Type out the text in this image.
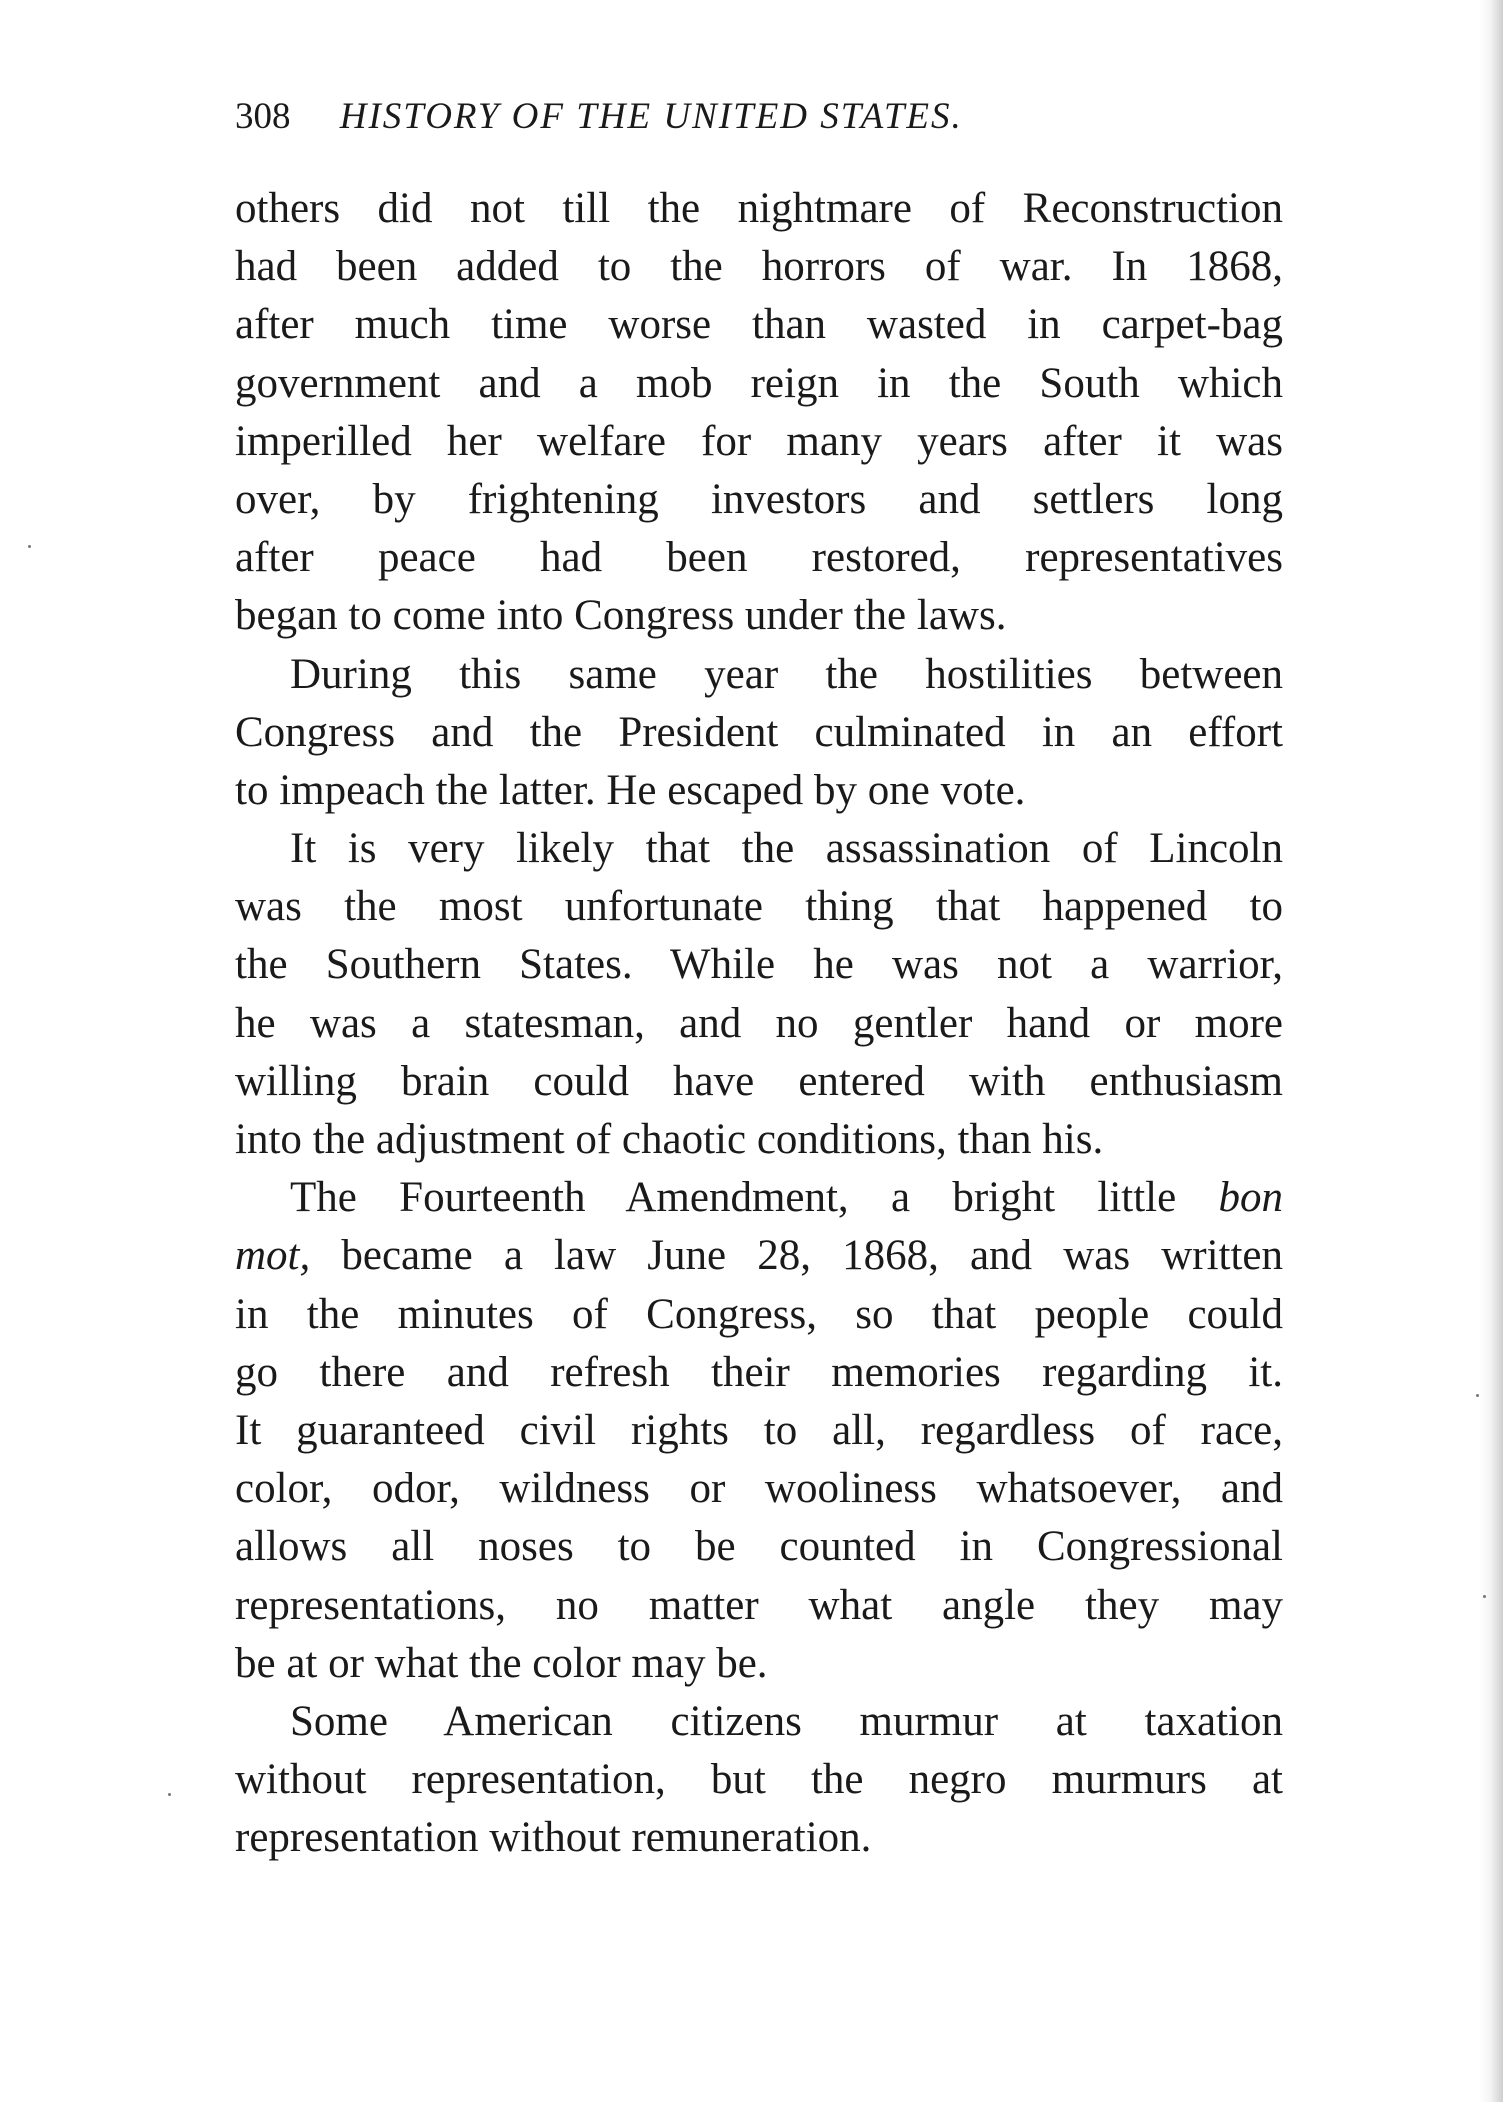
308 HISTORY OF THE UNITED STATES.
others did not till the nightmare of Reconstruction
had been added to the horrors of war. In 1868,
after much time worse than wasted in carpet-bag
government and a mob reign in the South which
imperilled her welfare for many years after it was
over, by frightening investors and settlers long
after peace had been restored, representatives
began to come into Congress under the laws.
During this same year the hostilities between
Congress and the President culminated in an effort
to impeach the latter. He escaped by one vote.
It is very likely that the assassination of Lincoln
was the most unfortunate thing that happened to
the Southern States. While he was not a warrior,
he was a statesman, and no gentler hand or more
willing brain could have entered with enthusiasm
into the adjustment of chaotic conditions, than his.
The Fourteenth Amendment, a bright little bon
mot, became a law June 28, 1868, and was written
in the minutes of Congress, so that people could
go there and refresh their memories regarding it.
It guaranteed civil rights to all, regardless of race,
color, odor, wildness or wooliness whatsoever, and
allows all noses to be counted in Congressional
representations, no matter what angle they may
be at or what the color may be.
Some American citizens murmur at taxation
without representation, but the negro murmurs at
representation without remuneration.
